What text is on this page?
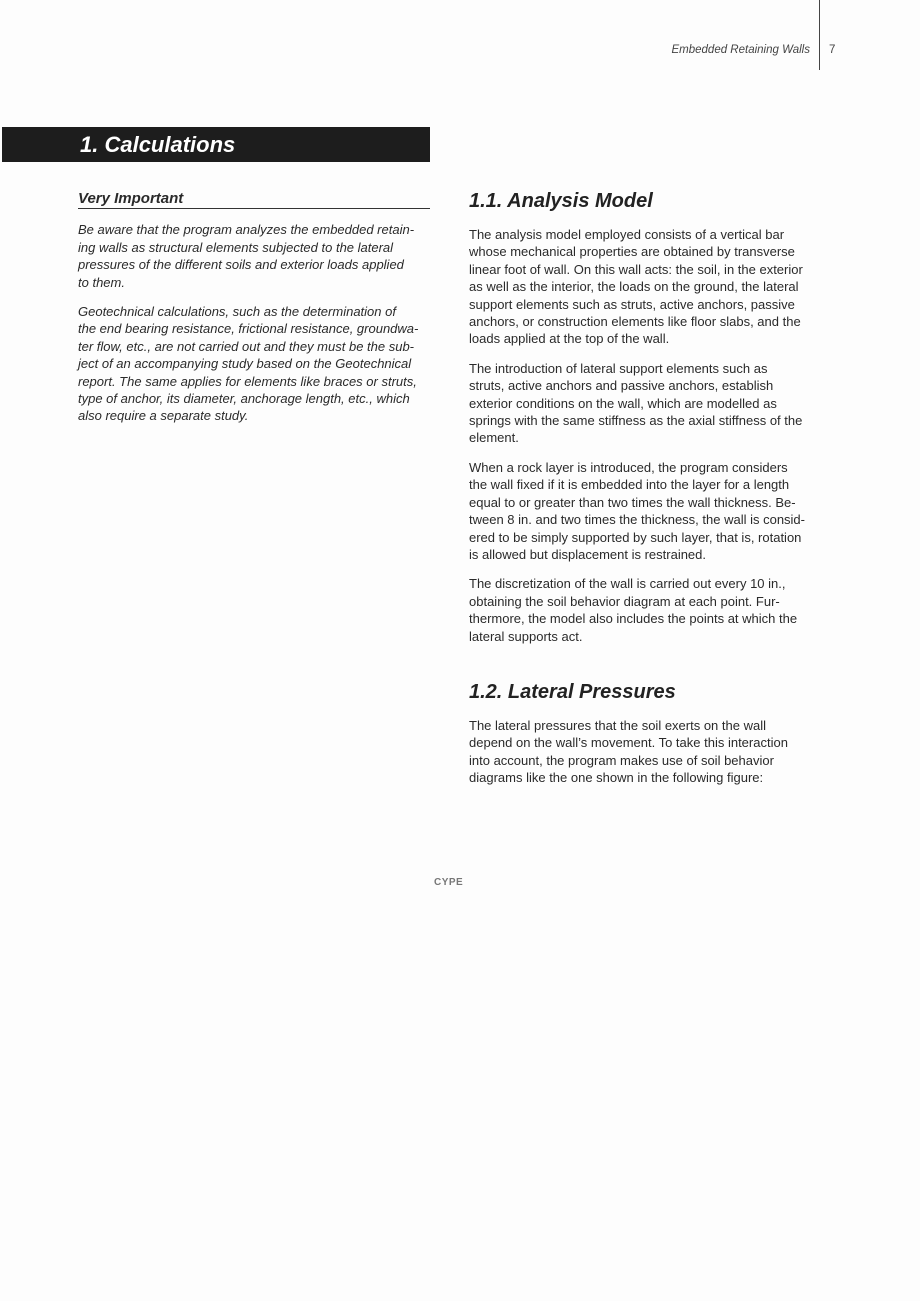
Embedded Retaining Walls 7
1. Calculations
Very Important

Be aware that the program analyzes the embedded retain-
ing walls as structural elements subjected to the lateral
pressures of the different soils and exterior loads applied
to them.

Geotechnical calculations, such as the determination of
the end bearing resistance, frictional resistance, groundwa-
ter flow, etc., are not carried out and they must be the sub-
ject of an accompanying study based on the Geotechnical
report. The same applies for elements like braces or struts,
type of anchor, its diameter, anchorage length, etc., which
also require a separate study.

1.1. Analysis Model

The analysis model employed consists of a vertical bar
whose mechanical properties are obtained by transverse
linear foot of wall. On this wall acts: the soil, in the exterior
as well as the interior, the loads on the ground, the lateral
support elements such as struts, active anchors, passive
anchors, or construction elements like floor slabs, and the
loads applied at the top of the wall.

The introduction of lateral support elements such as
struts, active anchors and passive anchors, establish
exterior conditions on the wall, which are modelled as
springs with the same stiffness as the axial stiffness of the
element.

When a rock layer is introduced, the program considers
the wall fixed if it is embedded into the layer for a length
equal to or greater than two times the wall thickness. Be-
tween 8 in. and two times the thickness, the wall is consid-
ered to be simply supported by such layer, that is, rotation
is allowed but displacement is restrained.

The discretization of the wall is carried out every 10 in.,
obtaining the soil behavior diagram at each point. Fur-
thermore, the model also includes the points at which the
lateral supports act.

1.2. Lateral Pressures

The lateral pressures that the soil exerts on the wall
depend on the wall’s movement. To take this interaction
into account, the program makes use of soil behavior
diagrams like the one shown in the following figure:

CYPE
